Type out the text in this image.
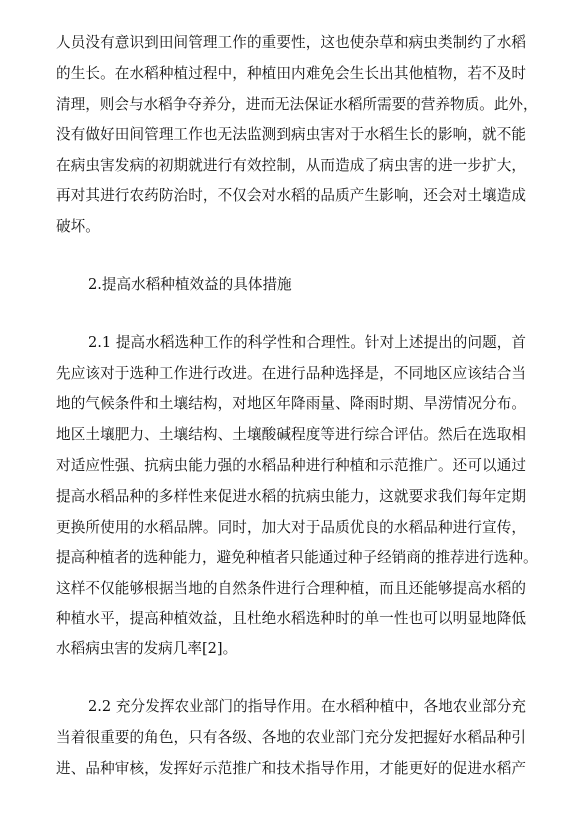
人员没有意识到田间管理工作的重要性，这也使杂草和病虫类制约了水稻
的生长。在水稻种植过程中，种植田内难免会生长出其他植物，若不及时
清理，则会与水稻争夺养分，进而无法保证水稻所需要的营养物质。此外，
没有做好田间管理工作也无法监测到病虫害对于水稻生长的影响，就不能
在病虫害发病的初期就进行有效控制，从而造成了病虫害的进一步扩大，
再对其进行农药防治时，不仅会对水稻的品质产生影响，还会对土壤造成
破坏。
2.提高水稻种植效益的具体措施
2.1 提高水稻选种工作的科学性和合理性。针对上述提出的问题，首
先应该对于选种工作进行改进。在进行品种选择是，不同地区应该结合当
地的气候条件和土壤结构，对地区年降雨量、降雨时期、旱涝情况分布。
地区土壤肥力、土壤结构、土壤酸碱程度等进行综合评估。然后在选取相
对适应性强、抗病虫能力强的水稻品种进行种植和示范推广。还可以通过
提高水稻品种的多样性来促进水稻的抗病虫能力，这就要求我们每年定期
更换所使用的水稻品牌。同时，加大对于品质优良的水稻品种进行宣传，
提高种植者的选种能力，避免种植者只能通过种子经销商的推荐进行选种。
这样不仅能够根据当地的自然条件进行合理种植，而且还能够提高水稻的
种植水平，提高种植效益，且杜绝水稻选种时的单一性也可以明显地降低
水稻病虫害的发病几率[2]。
2.2 充分发挥农业部门的指导作用。在水稻种植中，各地农业部分充
当着很重要的角色，只有各级、各地的农业部门充分发把握好水稻品种引
进、品种审核，发挥好示范推广和技术指导作用，才能更好的促进水稻产
